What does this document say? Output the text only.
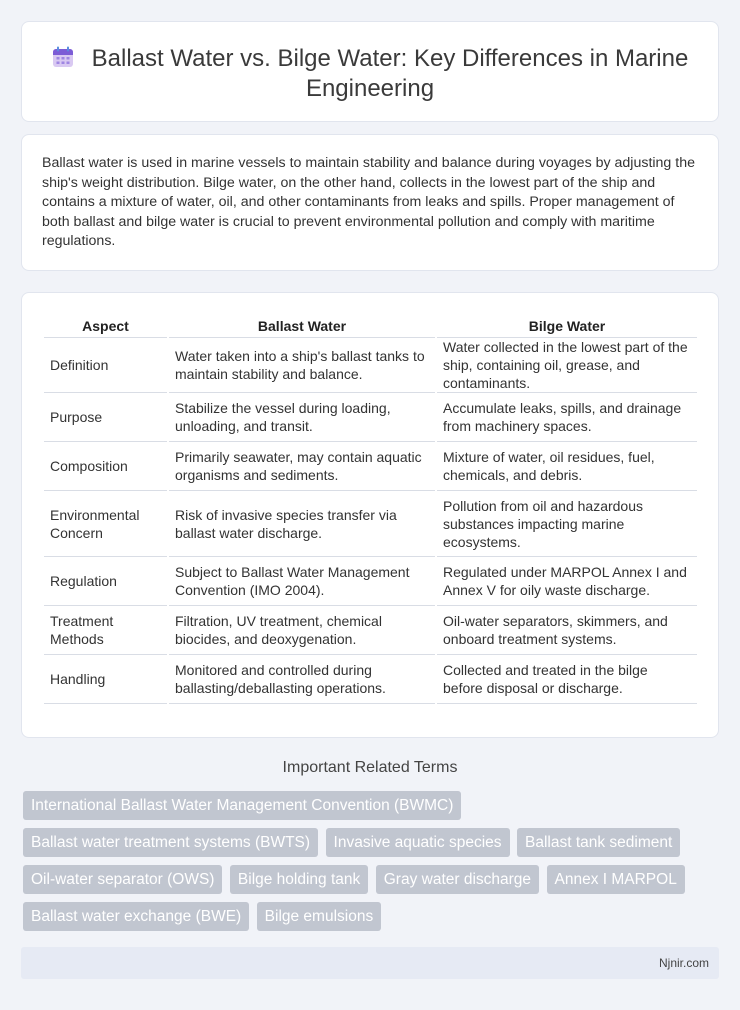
Ballast Water vs. Bilge Water: Key Differences in Marine Engineering

Ballast water is used in marine vessels to maintain stability and balance during voyages by adjusting the ship's weight distribution. Bilge water, on the other hand, collects in the lowest part of the ship and contains a mixture of water, oil, and other contaminants from leaks and spills. Proper management of both ballast and bilge water is crucial to prevent environmental pollution and comply with maritime regulations.

Aspect	Ballast Water	Bilge Water
Definition	Water taken into a ship's ballast tanks to maintain stability and balance.	Water collected in the lowest part of the ship, containing oil, grease, and contaminants.
Purpose	Stabilize the vessel during loading, unloading, and transit.	Accumulate leaks, spills, and drainage from machinery spaces.
Composition	Primarily seawater, may contain aquatic organisms and sediments.	Mixture of water, oil residues, fuel, chemicals, and debris.
Environmental Concern	Risk of invasive species transfer via ballast water discharge.	Pollution from oil and hazardous substances impacting marine ecosystems.
Regulation	Subject to Ballast Water Management Convention (IMO 2004).	Regulated under MARPOL Annex I and Annex V for oily waste discharge.
Treatment Methods	Filtration, UV treatment, chemical biocides, and deoxygenation.	Oil-water separators, skimmers, and onboard treatment systems.
Handling	Monitored and controlled during ballasting/deballasting operations.	Collected and treated in the bilge before disposal or discharge.
Important Related Terms
International Ballast Water Management Convention (BWMC)
Ballast water treatment systems (BWTS) Invasive aquatic species Ballast tank sediment
Oil-water separator (OWS) Bilge holding tank Gray water discharge Annex I MARPOL
Ballast water exchange (BWE) Bilge emulsions
Njnir.com
